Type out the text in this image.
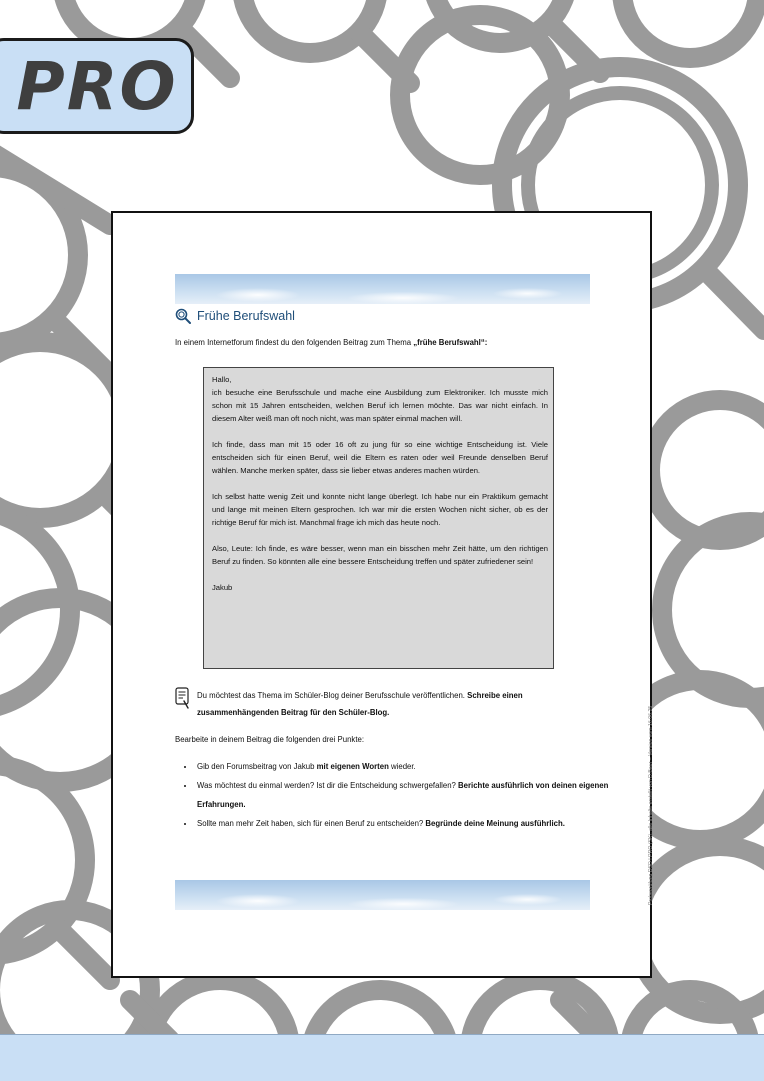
PRO
Frühe Berufswahl
In einem Internetforum findest du den folgenden Beitrag zum Thema „frühe Berufswahl“:

Hallo,

ich besuche eine Berufsschule und mache eine Ausbildung zum Elektroniker. Ich musste mich schon mit 15 Jahren entscheiden, welchen Beruf ich lernen möchte. Das war nicht einfach. In diesem Alter weiß man oft noch nicht, was man später einmal machen will.

Ich finde, dass man mit 15 oder 16 oft zu jung für so eine wichtige Entscheidung ist. Viele entscheiden sich für einen Beruf, weil die Eltern es raten oder weil Freunde denselben Beruf wählen. Manche merken später, dass sie lieber etwas anderes machen würden.

Ich selbst hatte wenig Zeit und konnte nicht lange überlegt. Ich habe nur ein Praktikum gemacht und lange mit meinen Eltern gesprochen. Ich war mir die ersten Wochen nicht sicher, ob es der richtige Beruf für mich ist. Manchmal frage ich mich das heute noch.

Also, Leute: Ich finde, es wäre besser, wenn man ein bisschen mehr Zeit hätte, um den richtigen Beruf zu finden. So könnten alle eine bessere Entscheidung treffen und später zufriedener sein!

Jakub

Du möchtest das Thema im Schüler-Blog deiner Berufsschule veröffentlichen. Schreibe einen zusammenhängenden Beitrag für den Schüler-Blog.
Bearbeite in deinem Beitrag die folgenden drei Punkte:
• Gib den Forumsbeitrag von Jakub mit eigenen Worten wieder.
• Was möchtest du einmal werden? Ist dir die Entscheidung schwergefallen? Berichte ausführlich von deinen eigenen Erfahrungen.
• Sollte man mehr Zeit haben, sich für einen Beruf zu entscheiden? Begründe deine Meinung ausführlich.	Probeprüfung DSD I PRO (SK), alle Inhalte erstellt von D.Baur – Version vom 16.06.25
